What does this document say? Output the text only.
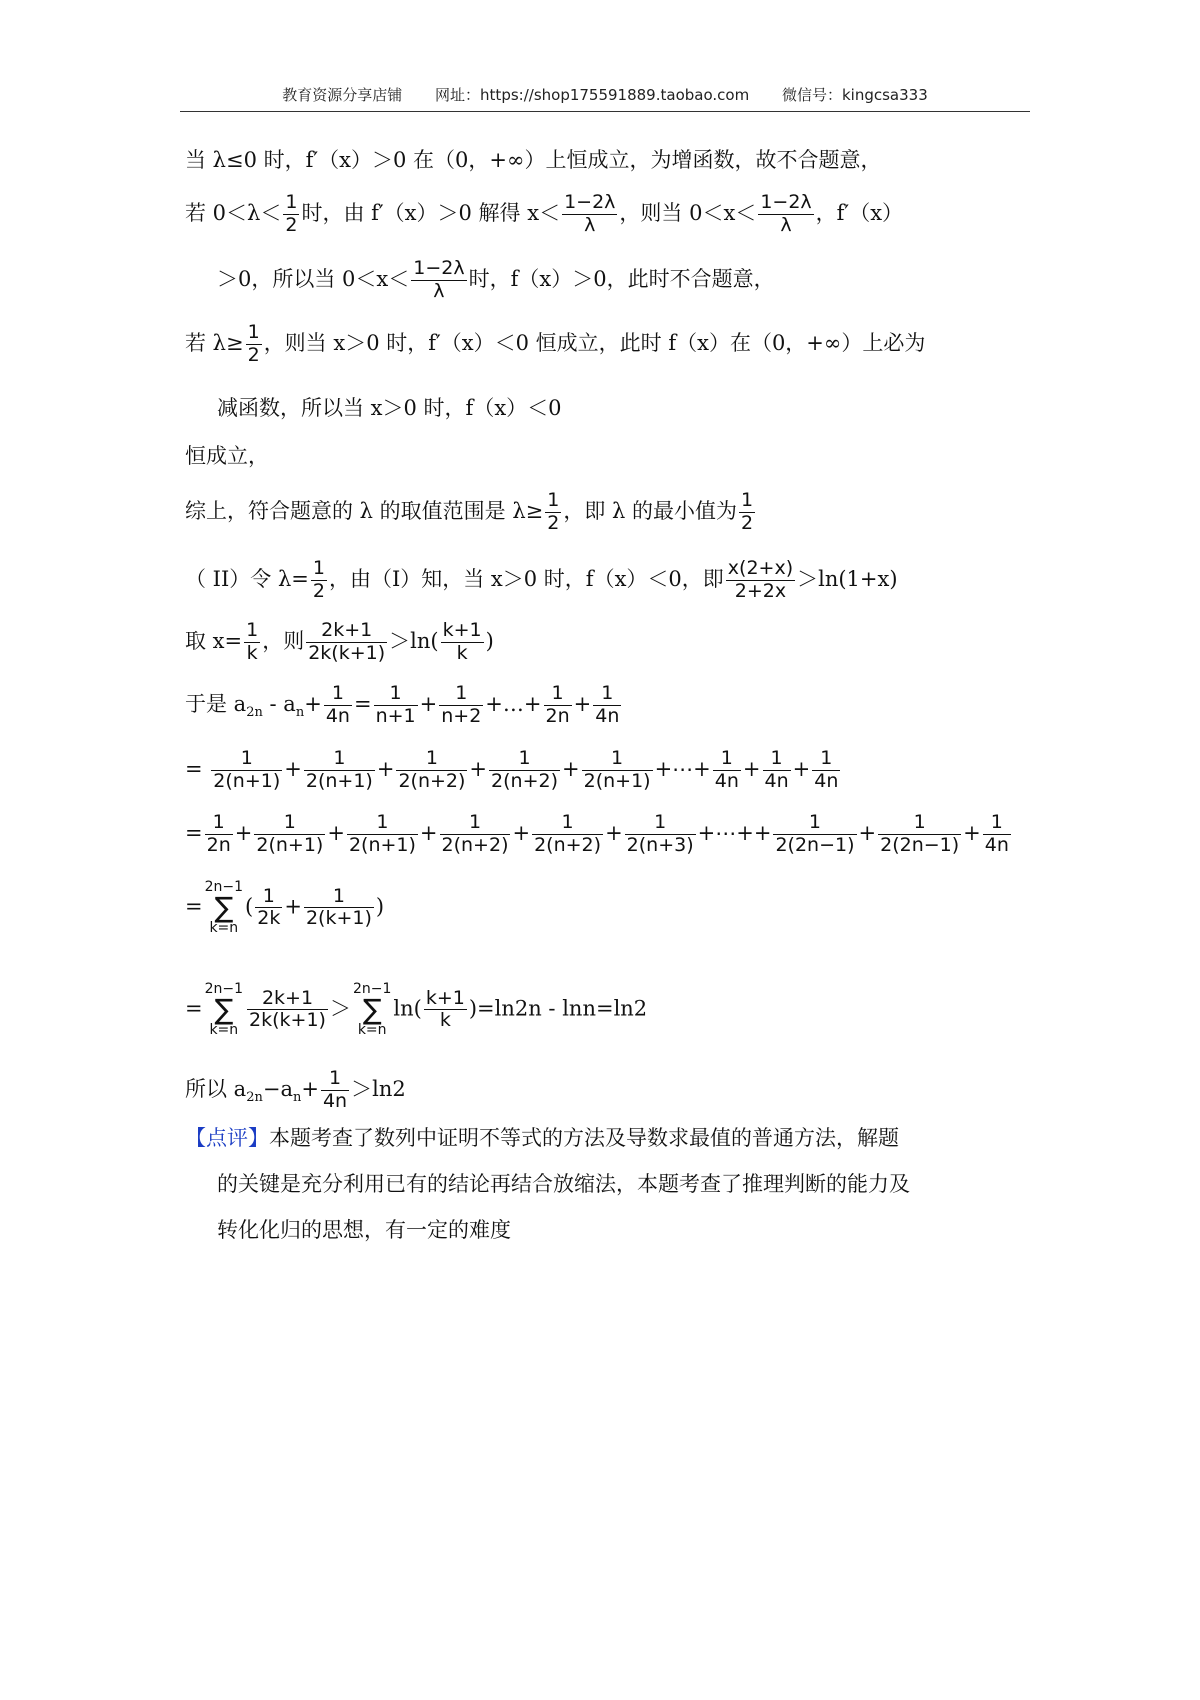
教育资源分享店铺 网址：https://shop175591889.taobao.com 微信号：kingcsa333
当 λ≤0 时，f′（x）＞0 在（0，+∞）上恒成立，为增函数，故不合题意，
若 $0<\lambda< \frac{1}{2}$ 时，由 f′（x）＞0 解得 $x< \frac{1-2\lambda}{\lambda}$ ，则当 $0<x< \frac{1-2\lambda}{\lambda}$ ，f′（x）
＞0，所以当 $0<x< \frac{1-2\lambda}{\lambda}$ 时，f（x）＞0，此时不合题意，
若 $\lambda\ge \frac{1}{2}$ ，则当 x＞0 时，f′（x）＜0 恒成立，此时 f（x）在（0，+∞）上必为
减函数，所以当 x＞0 时，f（x）＜0
恒成立，
综上，符合题意的 λ 的取值范围是 $\lambda\ge \frac{1}{2}$ ，即 λ 的最小值为 $\frac{1}{2}$
（ II）令 $\lambda= \frac{1}{2}$ ，由（I）知，当 x＞0 时，f（x）＜0，即 $\frac{x(2+x)}{2+2x} >\ln(1+x)$
取 $x= \frac{1}{k}$ ，则 $\frac{2k+1}{2k(k+1)} >\ln( \frac{k+1}{k}$ )
于是 $a_{2n} - a_n+ \frac{1}{4n} = \frac{1}{n+1} + \frac{1}{n+2}$ +…+ $\frac{1}{2n} + \frac{1}{4n}$
= $\frac{1}{2(n+1)} + \frac{1}{2(n+1)} + \frac{1}{2(n+2)} + \frac{1}{2(n+2)} + \frac{1}{2(n+1)}$ +⋯+ $\frac{1}{4n} + \frac{1}{4n} + \frac{1}{4n}$
= $\frac{1}{2n} + \frac{1}{2(n+1)} + \frac{1}{2(n+1)} + \frac{1}{2(n+2)} + \frac{1}{2(n+2)} + \frac{1}{2(n+3)}$ +⋯++ $\frac{1}{2(2n-1)} + \frac{1}{2(2n-1)} + \frac{1}{4n}$
=
2n−1
∑
k=n
( $\frac{1}{2k} + \frac{1}{2(k+1)}$ )
=
2n−1
∑
$k=n \frac{2k+1}{2k(k+1)}$ ＞
2n−1
∑
k=n
$\ln( \frac{k+1}{k} )=\ln 2n - \ln n=\ln 2$
所以 $a_{2n}-a_n+ \frac{1}{4n} >\ln 2$
【点评】本题考查了数列中证明不等式的方法及导数求最值的普通方法，解题
的关键是充分利用已有的结论再结合放缩法，本题考查了推理判断的能力及
转化化归的思想，有一定的难度
